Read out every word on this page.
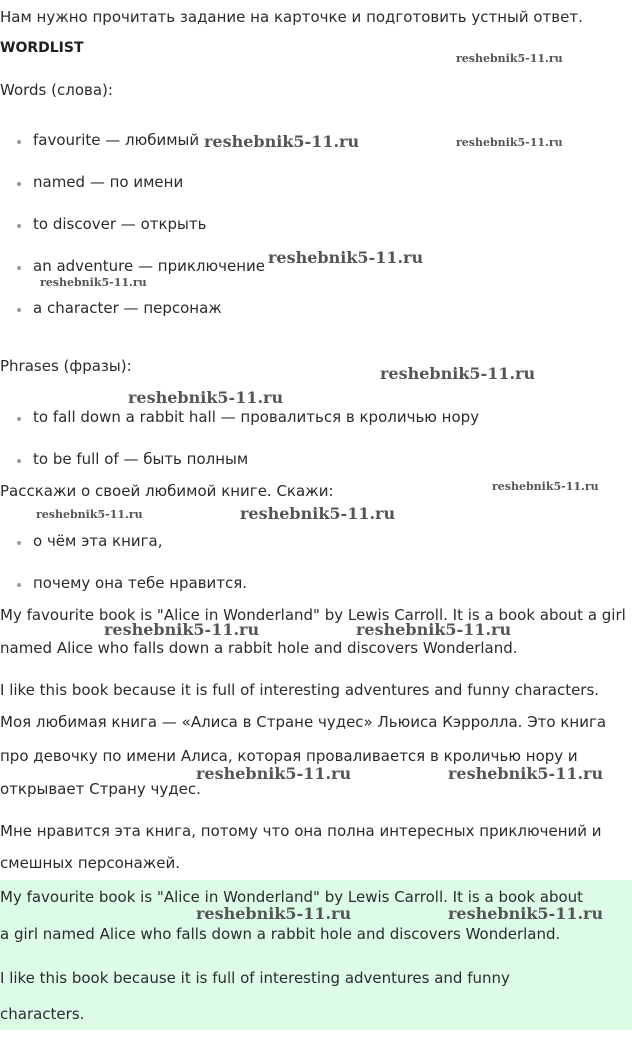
Нам нужно прочитать задание на карточке и подготовить устный ответ.
WORDLIST
Words (слова):
favourite — любимый
named — по имени
to discover — открыть
an adventure — приключение
a character — персонаж
Phrases (фразы):
to fall down a rabbit hall — провалиться в кроличью нору
to be full of — быть полным
Расскажи о своей любимой книге. Скажи:
о чём эта книга,
почему она тебе нравится.
My favourite book is "Alice in Wonderland" by Lewis Carroll. It is a book about a girl
named Alice who falls down a rabbit hole and discovers Wonderland.
I like this book because it is full of interesting adventures and funny characters.
Моя любимая книга — «Алиса в Стране чудес» Льюиса Кэрролла. Это книга
про девочку по имени Алиса, которая проваливается в кроличью нору и
открывает Страну чудес.
Мне нравится эта книга, потому что она полна интересных приключений и
смешных персонажей.
My favourite book is "Alice in Wonderland" by Lewis Carroll. It is a book about
a girl named Alice who falls down a rabbit hole and discovers Wonderland.
I like this book because it is full of interesting adventures and funny
characters.
reshebnik5-11.ru
reshebnik5-11.ru	reshebnik5-11.ru
reshebnik5-11.ru
reshebnik5-11.ru
reshebnik5-11.ru
reshebnik5-11.ru
reshebnik5-11.ru
reshebnik5-11.ru	reshebnik5-11.ru
reshebnik5-11.ru	reshebnik5-11.ru
reshebnik5-11.ru	reshebnik5-11.ru
reshebnik5-11.ru	reshebnik5-11.ru
